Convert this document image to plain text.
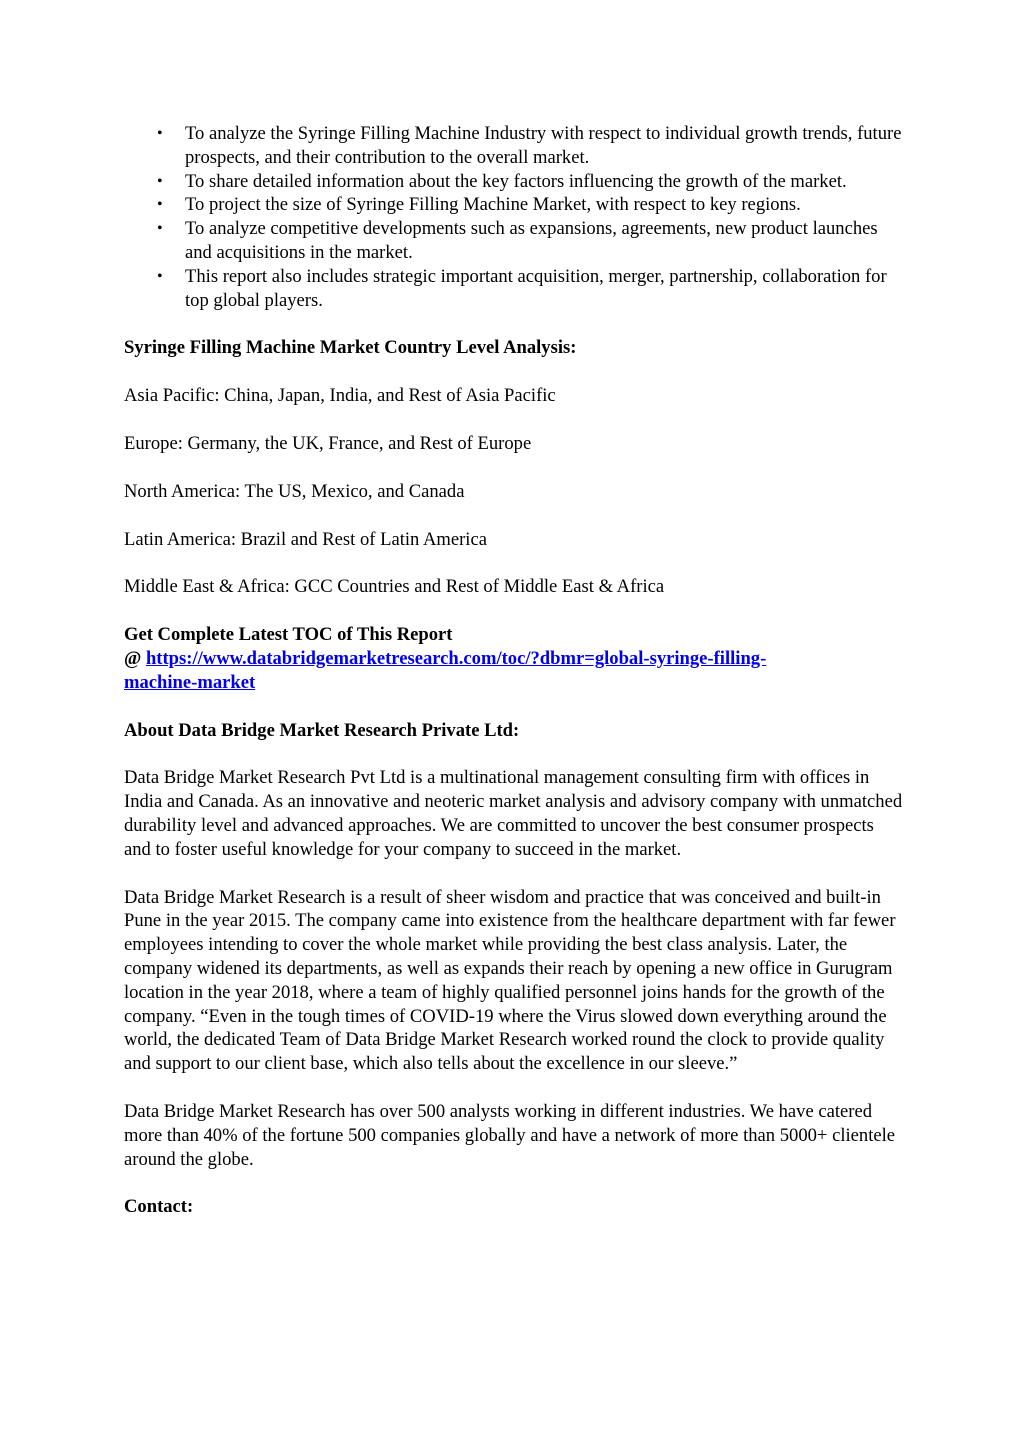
• To analyze the Syringe Filling Machine Industry with respect to individual growth trends, future prospects, and their contribution to the overall market.
• To share detailed information about the key factors influencing the growth of the market.
• To project the size of Syringe Filling Machine Market, with respect to key regions.
• To analyze competitive developments such as expansions, agreements, new product launches and acquisitions in the market.
• This report also includes strategic important acquisition, merger, partnership, collaboration for top global players.

Syringe Filling Machine Market Country Level Analysis:

Asia Pacific: China, Japan, India, and Rest of Asia Pacific

Europe: Germany, the UK, France, and Rest of Europe

North America: The US, Mexico, and Canada

Latin America: Brazil and Rest of Latin America

Middle East & Africa: GCC Countries and Rest of Middle East & Africa

Get Complete Latest TOC of This Report
@ https://www.databridgemarketresearch.com/toc/?dbmr=global-syringe-filling-
machine-market

About Data Bridge Market Research Private Ltd:

Data Bridge Market Research Pvt Ltd is a multinational management consulting firm with offices in India and Canada. As an innovative and neoteric market analysis and advisory company with unmatched durability level and advanced approaches. We are committed to uncover the best consumer prospects and to foster useful knowledge for your company to succeed in the market.

Data Bridge Market Research is a result of sheer wisdom and practice that was conceived and built-in Pune in the year 2015. The company came into existence from the healthcare department with far fewer employees intending to cover the whole market while providing the best class analysis. Later, the company widened its departments, as well as expands their reach by opening a new office in Gurugram location in the year 2018, where a team of highly qualified personnel joins hands for the growth of the company. “Even in the tough times of COVID-19 where the Virus slowed down everything around the world, the dedicated Team of Data Bridge Market Research worked round the clock to provide quality and support to our client base, which also tells about the excellence in our sleeve.”

Data Bridge Market Research has over 500 analysts working in different industries. We have catered more than 40% of the fortune 500 companies globally and have a network of more than 5000+ clientele around the globe.

Contact:
